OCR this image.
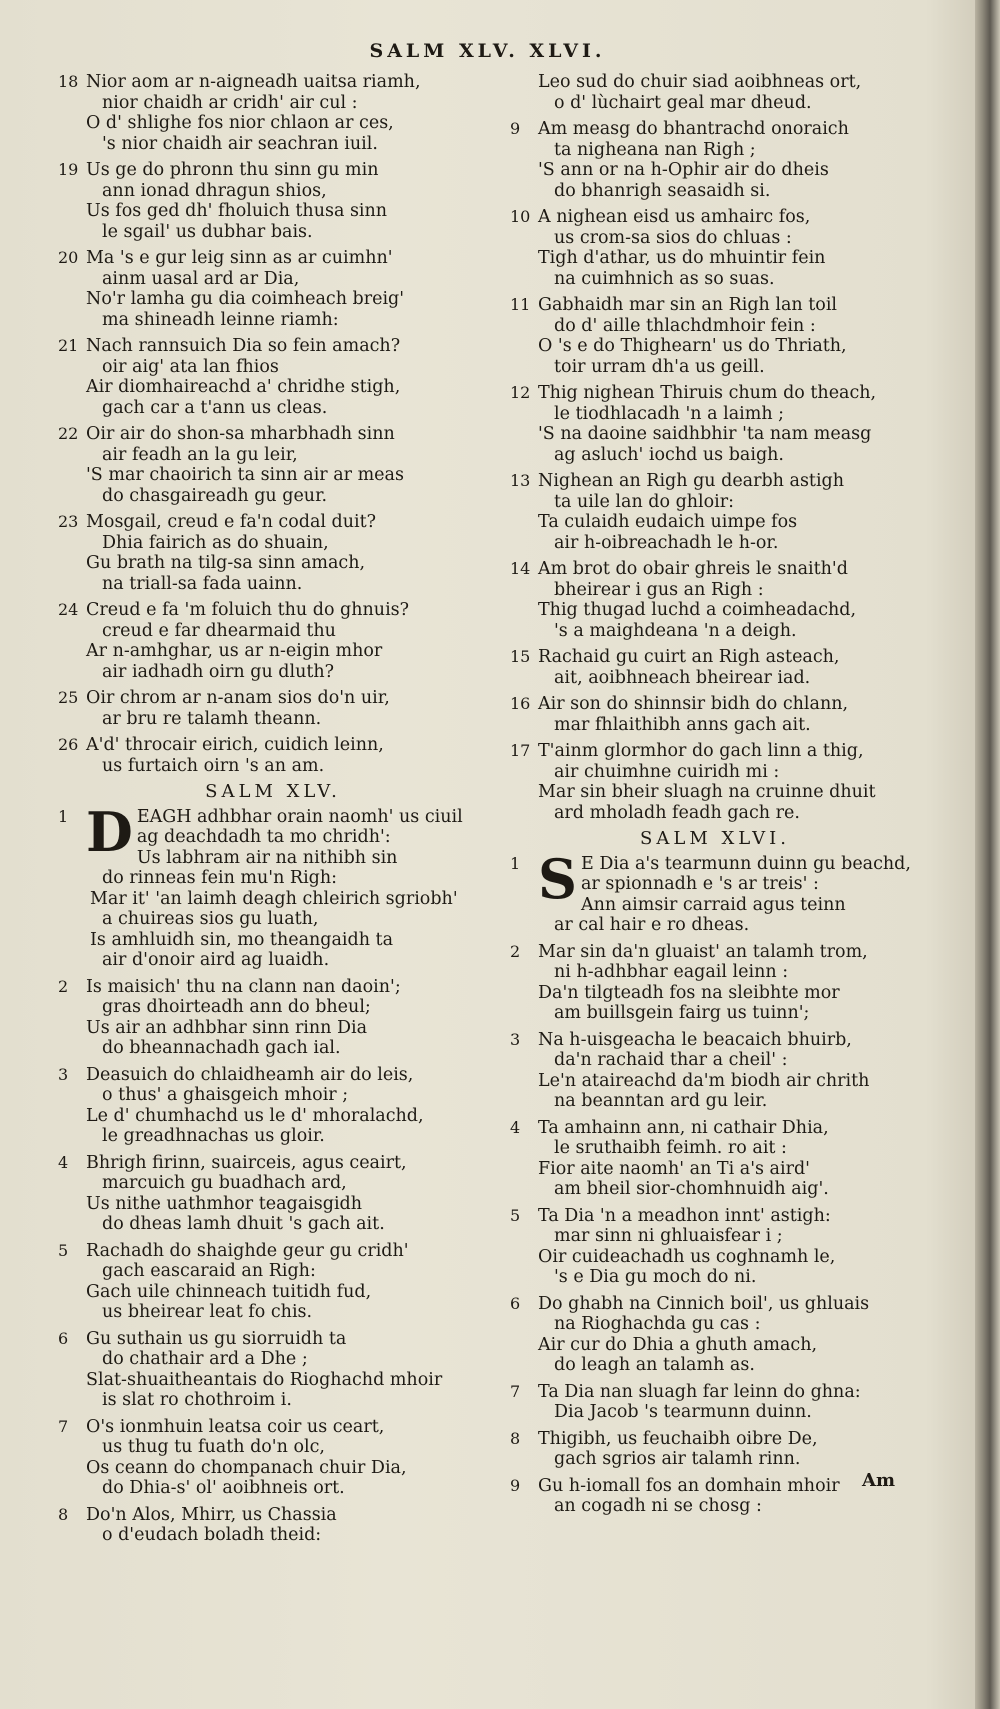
SALM XLV. XLVI.
18 Nior aom ar n-aigneadh uaitsa riamh,
nior chaidh ar cridh' air cul :
O d' shlighe fos nior chlaon ar ces,
's nior chaidh air seachran iuil.
19 Us ge do phronn thu sinn gu min
ann ionad dhragun shios,
Us fos ged dh' fholuich thusa sinn
le sgail' us dubhar bais.
20 Ma 's e gur leig sinn as ar cuimhn'
ainm uasal ard ar Dia,
No'r lamha gu dia coimheach breig'
ma shineadh leinne riamh:
21 Nach rannsuich Dia so fein amach?
oir aig' ata lan fhios
Air diomhaireachd a' chridhe stigh,
gach car a t'ann us cleas.
22 Oir air do shon-sa mharbhadh sinn
air feadh an la gu leir,
'S mar chaoirich ta sinn air ar meas
do chasgaireadh gu geur.
23 Mosgail, creud e fa'n codal duit?
Dhia fairich as do shuain,
Gu brath na tilg-sa sinn amach,
na triall-sa fada uainn.
24 Creud e fa 'm foluich thu do ghnuis?
creud e far dhearmaid thu
Ar n-amhghar, us ar n-eigin mhor
air iadhadh oirn gu dluth?
25 Oir chrom ar n-anam sios do'n uir,
ar bru re talamh theann.
26 A'd' throcair eirich, cuidich leinn,
us furtaich oirn 's an am.
SALM XLV.
1 D EAGH adhbhar orain naomh' us ciuil
ag deachdadh ta mo chridh':
Us labhram air na nithibh sin
do rinneas fein mu'n Righ:
Mar it' 'an laimh deagh chleirich sgriobh'
a chuireas sios gu luath,
Is amhluidh sin, mo theangaidh ta
air d'onoir aird ag luaidh.
2	Is maisich' thu na clann nan daoin';
gras dhoirteadh ann do bheul;
Us air an adhbhar sinn rinn Dia
do bheannachadh gach ial.
3	Deasuich do chlaidheamh air do leis,
o thus' a ghaisgeich mhoir ;
Le d' chumhachd us le d' mhoralachd,
le greadhnachas us gloir.
4	Bhrigh firinn, suairceis, agus ceairt,
marcuich gu buadhach ard,
Us nithe uathmhor teagaisgidh
do dheas lamh dhuit 's gach ait.
5	Rachadh do shaighde geur gu cridh'
gach eascaraid an Righ:
Gach uile chinneach tuitidh fud,
us bheirear leat fo chis.
6	Gu suthain us gu siorruidh ta
do chathair ard a Dhe ;
Slat-shuaitheantais do Rioghachd mhoir
is slat ro chothroim i.
7	O's ionmhuin leatsa coir us ceart,
us thug tu fuath do'n olc,
Os ceann do chompanach chuir Dia,
do Dhia-s' ol' aoibhneis ort.
8	Do'n Alos, Mhirr, us Chassia
o d'eudach boladh theid:
Leo sud do chuir siad aoibhneas ort,
o d' lùchairt geal mar dheud.
9	Am measg do bhantrachd onoraich
ta nigheana nan Righ ;
'S ann or na h-Ophir air do dheis
do bhanrigh seasaidh si.
10 A nighean eisd us amhairc fos,
us crom-sa sios do chluas :
Tigh d'athar, us do mhuintir fein
na cuimhnich as so suas.
11 Gabhaidh mar sin an Righ lan toil
do d' aille thlachdmhoir fein :
O 's e do Thighearn' us do Thriath,
toir urram dh'a us geill.
12 Thig nighean Thiruis chum do theach,
le tiodhlacadh 'n a laimh ;
'S na daoine saidhbhir 'ta nam measg
ag asluch' iochd us baigh.
13 Nighean an Righ gu dearbh astigh
ta uile lan do ghloir:
Ta culaidh eudaich uimpe fos
air h-oibreachadh le h-or.
14 Am brot do obair ghreis le snaith'd
bheirear i gus an Righ :
Thig thugad luchd a coimheadachd,
's a maighdeana 'n a deigh.
15 Rachaid gu cuirt an Righ asteach,
ait, aoibhneach bheirear iad.
16 Air son do shinnsir bidh do chlann,
mar fhlaithibh anns gach ait.
17 T'ainm glormhor do gach linn a thig,
air chuimhne cuiridh mi :
Mar sin bheir sluagh na cruinne dhuit
ard mholadh feadh gach re.
SALM XLVI.
1 S E Dia a's tearmunn duinn gu beachd,
ar spionnadh e 's ar treis' :
Ann aimsir carraid agus teinn
ar cal hair e ro dheas.
2	Mar sin da'n gluaist' an talamh trom,
ni h-adhbhar eagail leinn :
Da'n tilgteadh fos na sleibhte mor
am buillsgein fairg us tuinn';
3	Na h-uisgeacha le beacaich bhuirb,
da'n rachaid thar a cheil' :
Le'n ataireachd da'm biodh air chrith
na beanntan ard gu leir.
4	Ta amhainn ann, ni cathair Dhia,
le sruthaibh feimh. ro ait :
Fior aite naomh' an Ti a's aird'
am bheil sior-chomhnuidh aig'.
5	Ta Dia 'n a meadhon innt' astigh:
mar sinn ni ghluaisfear i ;
Oir cuideachadh us coghnamh le,
's e Dia gu moch do ni.
6	Do ghabh na Cinnich boil', us ghluais
na Rioghachda gu cas :
Air cur do Dhia a ghuth amach,
do leagh an talamh as.
7	Ta Dia nan sluagh far leinn do ghna:
Dia Jacob 's tearmunn duinn.
8	Thigibh, us feuchaibh oibre De,
gach sgrios air talamh rinn.
9	Gu h-iomall fos an domhain mhoir
an cogadh ni se chosg :
Am
